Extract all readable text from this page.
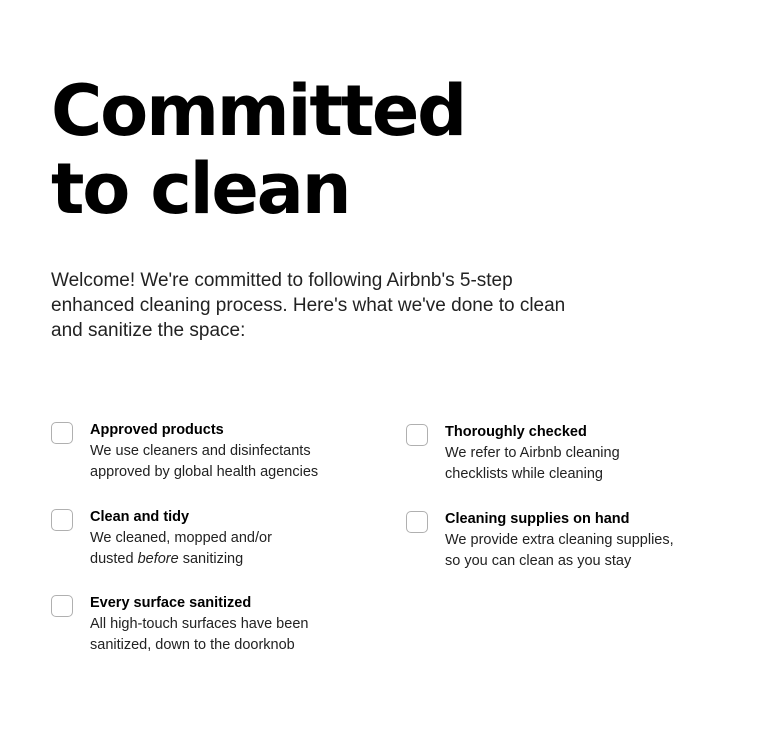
Committed
to clean

Welcome! We're committed to following Airbnb's 5-step enhanced cleaning process. Here's what we've done to clean and sanitize the space:

Approved products
We use cleaners and disinfectants
approved by global health agencies
Clean and tidy
We cleaned, mopped and/or
dusted before sanitizing
Every surface sanitized
All high-touch surfaces have been
sanitized, down to the doorknob
Thoroughly checked
We refer to Airbnb cleaning
checklists while cleaning
Cleaning supplies on hand
We provide extra cleaning supplies,
so you can clean as you stay
